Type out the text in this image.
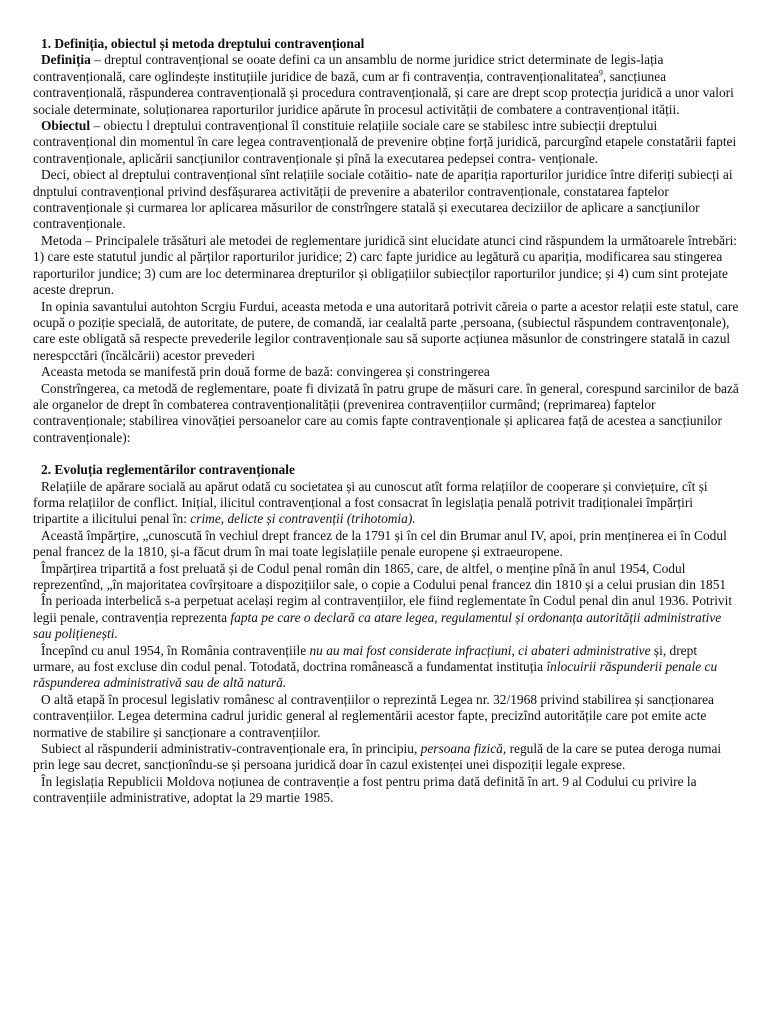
1. Definiția, obiectul și metoda dreptului contravențional

Definiția – dreptul contravențional se ooate defini ca un ansamblu de norme juridice strict determinate de legis-lația contravențională, care oglindește instituțiile juridice de bază, cum ar fi contravenția, contravenționalitatea$^9$, sancțiunea contravențională, răspunderea contravențională și procedura contravențională, și care are drept scop protecția juridică a unor valori sociale determinate, soluționarea raporturilor juridice apărute în procesul activității de combatere a contravențional ității.

Obiectul – obiectu l dreptului contravențional îl constituie relațiile sociale care se stabilesc intre subiecții dreptului contravențional din momentul în care legea contravențională de prevenire obține forță juridică, parcurgînd etapele constatării faptei contravenționale, aplicării sancțiunilor contravenționale și pînă la executarea pedepsei contra- venționale.

Deci, obiect al dreptului contravențional sînt relațiile sociale cotăitio- nate de apariția raporturilor juridice între diferiți subiecți ai dnptului contravențional privind desfășurarea activității de prevenire a abaterilor contravenționale, constatarea faptelor contravenționale și curmarea lor aplicarea măsurilor de constrîngere statală și executarea deciziilor de aplicare a sancțiunilor contravenționale.

Metoda – Principalele trăsături ale metodei de reglementare juridică sint elucidate atunci cind răspundem la următoarele întrebări: 1) care este statutul jundic al părților raporturilor juridice; 2) carc fapte juridice au legătură cu apariția, modificarea sau stingerea raporturilor jundice; 3) cum are loc determinarea drepturilor și obligațiilor subiecților raporturilor jundice; și 4) cum sint protejate aceste dreprun.

In opinia savantului autohton Scrgiu Furdui, aceasta metoda e una autoritară potrivit căreia o parte a acestor relații este statul, care ocupă o poziție specială, de autoritate, de putere, de comandă, iar cealaltă parte ,persoana, (subiectul răspundem contravențonale), care este obligată să respecte prevederile legilor contravenționale sau să suporte acțiunea măsunlor de constringere statală in cazul nerespcctări (încălcării) acestor prevederi

Aceasta metoda se manifestă prin două forme de bază: convingerea și constringerea

Constrîngerea, ca metodă de reglementare, poate fi divizată în patru grupe de măsuri care. în general, corespund sarcinilor de bază ale organelor de drept în combaterea contravenționalității (prevenirea contravențiilor curmând; (reprimarea) faptelor contravenționale; stabilirea vinovăției persoanelor care au comis fapte contravenționale și aplicarea față de acestea a sancțiunilor contravenționale):

2. Evoluția reglementărilor contravenționale

Relațiile de apărare socială au apărut odată cu societatea și au cunoscut atît forma relațiilor de cooperare și conviețuire, cît și forma relațiilor de conflict. Inițial, ilicitul contravențional a fost consacrat în legislația penală potrivit tradiționalei împărțiri tripartite a ilicitului penal în: crime, delicte și contravenții (trihotomia).

Această împărțire, „cunoscută în vechiul drept francez de la 1791 și în cel din Brumar anul IV, apoi, prin menținerea ei în Codul penal francez de la 1810, și-a făcut drum în mai toate legislațiile penale europene și extraeuropene.

Împărțirea tripartită a fost preluată și de Codul penal român din 1865, care, de altfel, o menține pînă în anul 1954, Codul reprezentînd, „în majoritatea covîrșitoare a dispozițiilor sale, o copie a Codului penal francez din 1810 și a celui prusian din 1851

În perioada interbelică s-a perpetuat același regim al contravențiilor, ele fiind reglementate în Codul penal din anul 1936. Potrivit legii penale, contravenția reprezenta fapta pe care o declară ca atare legea, regulamentul și ordonanța autorității administrative sau polițienești.

Începînd cu anul 1954, în România contravențiile nu au mai fost considerate infracțiuni, ci abateri administrative și, drept urmare, au fost excluse din codul penal. Totodată, doctrina românească a fundamentat instituția înlocuirii răspunderii penale cu răspunderea administrativă sau de altă natură.

O altă etapă în procesul legislativ românesc al contravențiilor o reprezintă Legea nr. 32/1968 privind stabilirea și sancționarea contravențiilor. Legea determina cadrul juridic general al reglementării acestor fapte, precizînd autoritățile care pot emite acte normative de stabilire și sancționare a contravențiilor.

Subiect al răspunderii administrativ-contravenționale era, în principiu, persoana fizică, regulă de la care se putea deroga numai prin lege sau decret, sancționîndu-se și persoana juridică doar în cazul existenței unei dispoziții legale exprese.

În legislația Republicii Moldova noțiunea de contravenție a fost pentru prima dată definită în art. 9 al Codului cu privire la contravențiile administrative, adoptat la 29 martie 1985.
